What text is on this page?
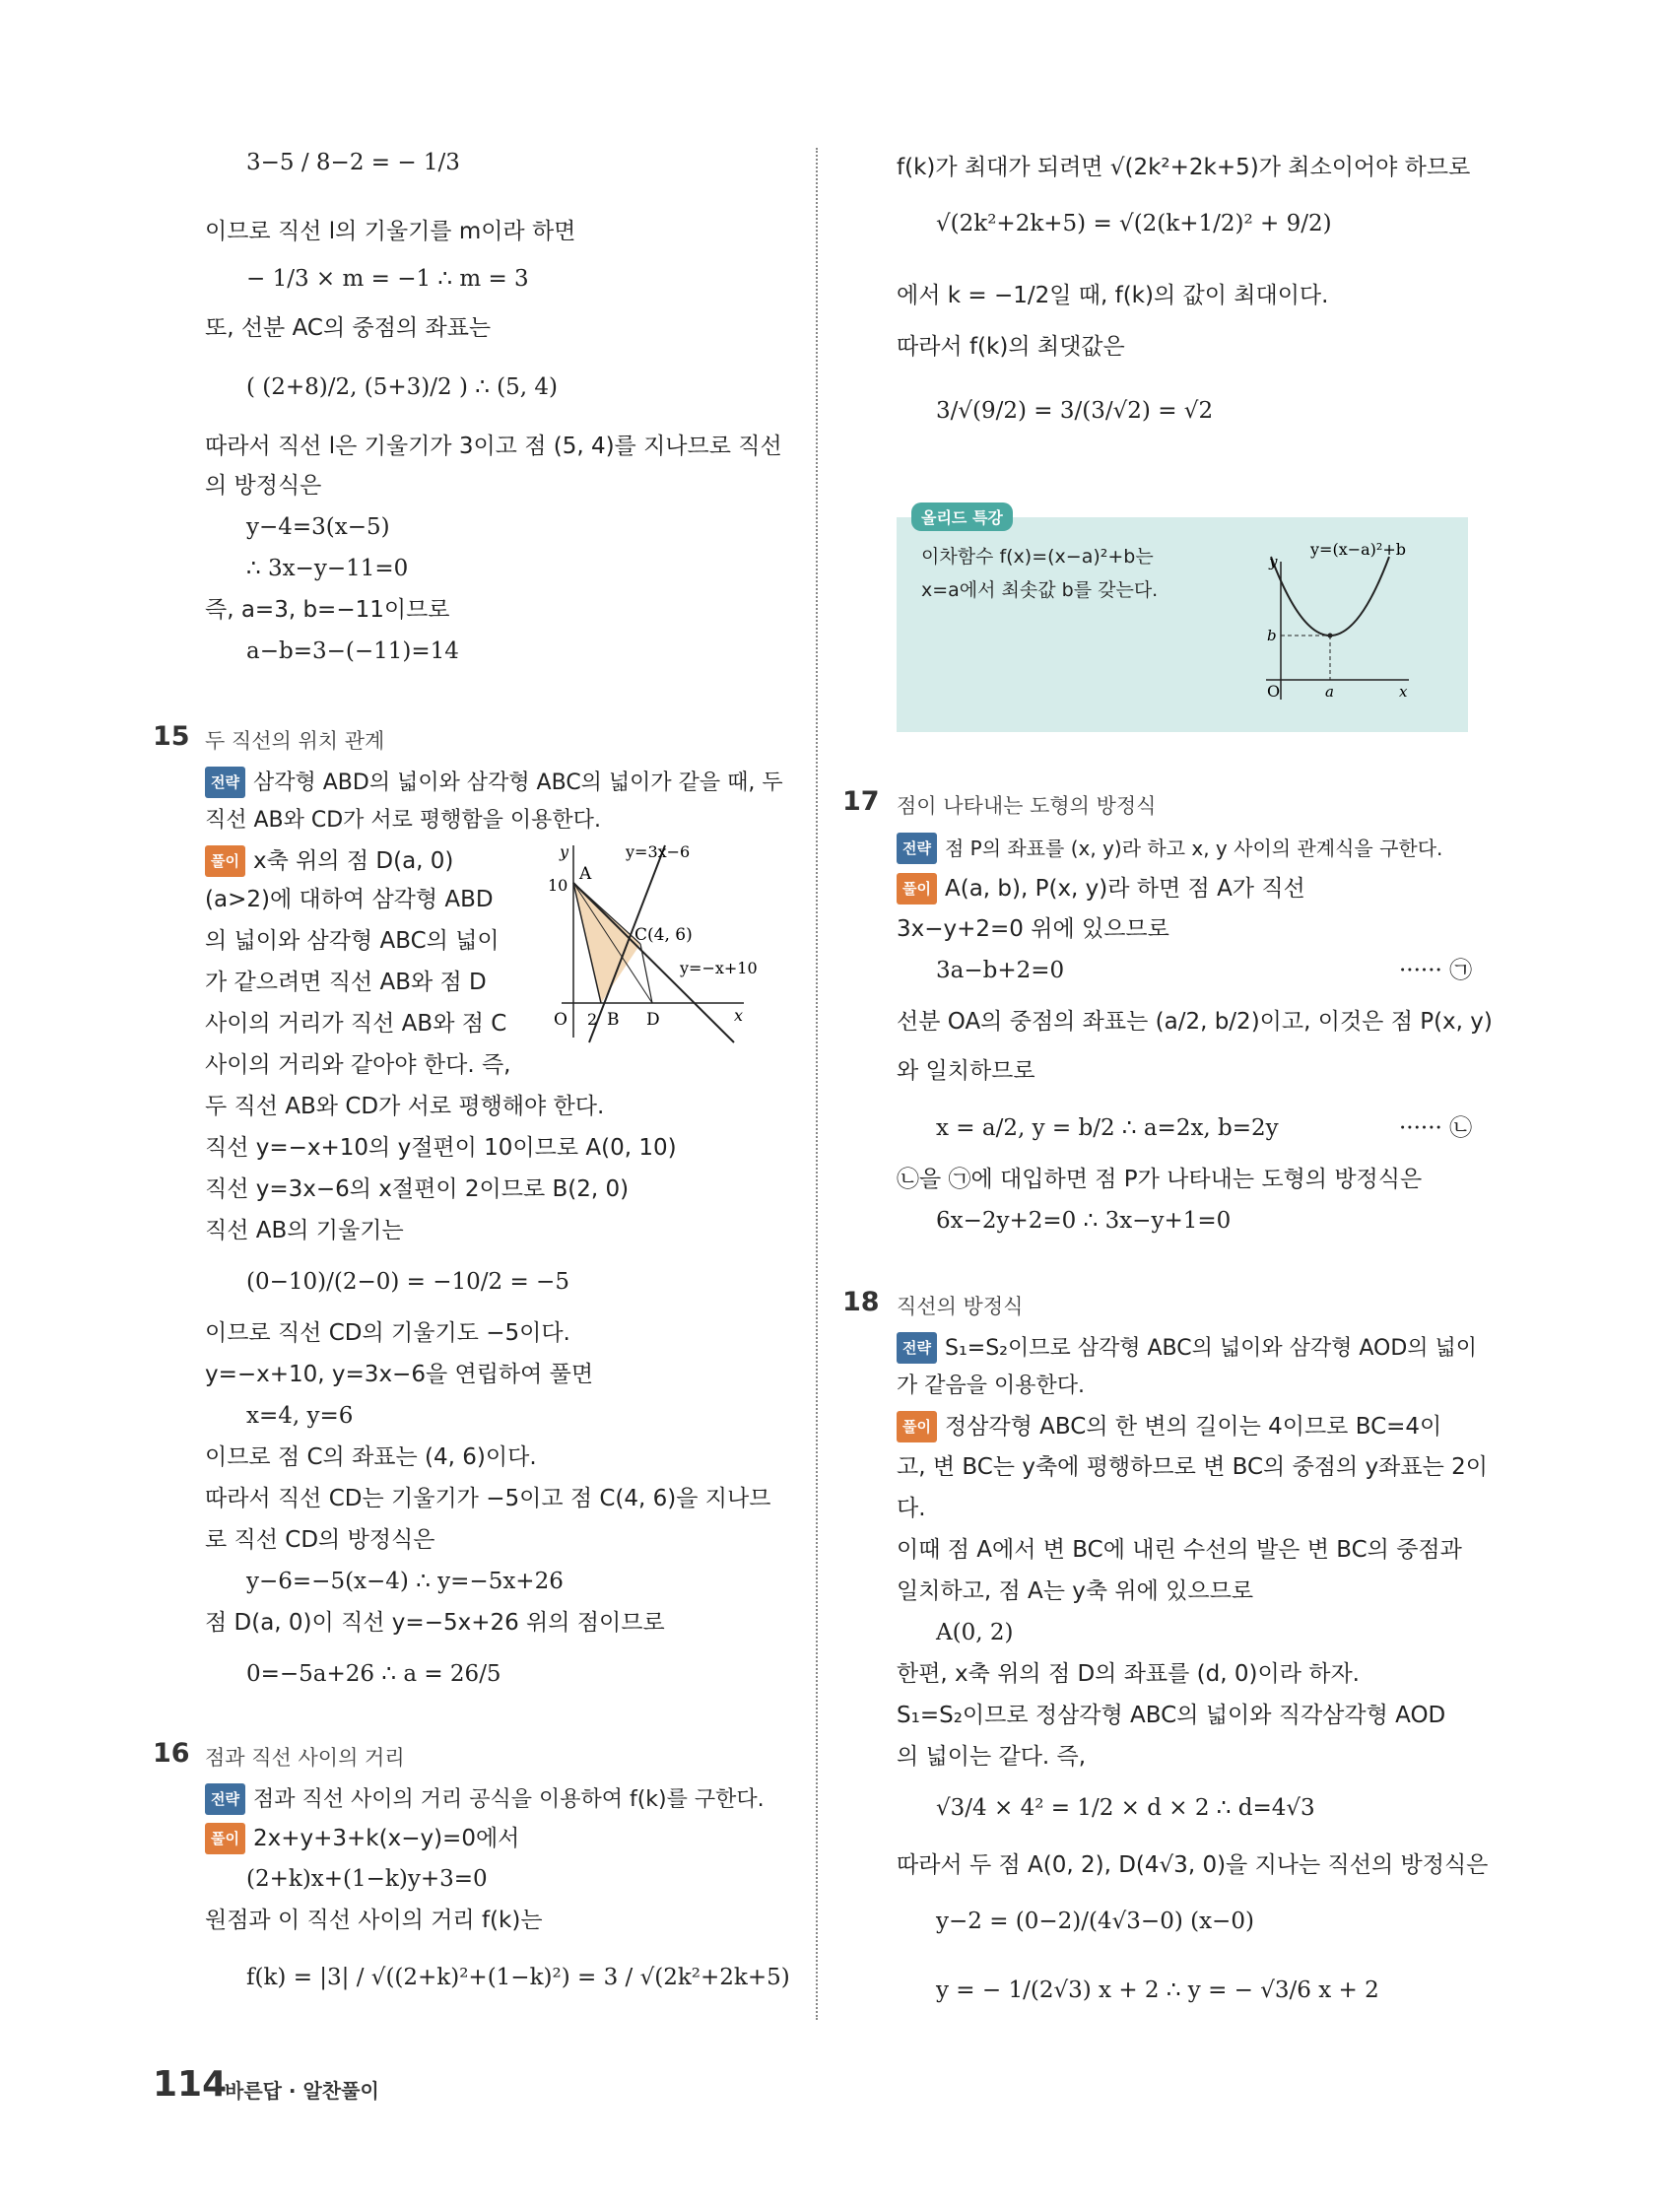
3−5 / 8−2 = − 1/3
이므로 직선 l의 기울기를 m이라 하면
− 1/3 × m = −1 ∴ m = 3
또, 선분 AC의 중점의 좌표는
( (2+8)/2, (5+3)/2 ) ∴ (5, 4)
따라서 직선 l은 기울기가 3이고 점 (5, 4)를 지나므로 직선
의 방정식은
y−4=3(x−5)
∴ 3x−y−11=0
즉, a=3, b=−11이므로
a−b=3−(−11)=14
15 두 직선의 위치 관계
전략 삼각형 ABD의 넓이와 삼각형 ABC의 넓이가 같을 때, 두
직선 AB와 CD가 서로 평행함을 이용한다.
풀이 x축 위의 점 D(a, 0)
(a>2)에 대하여 삼각형 ABD
의 넓이와 삼각형 ABC의 넓이
가 같으려면 직선 AB와 점 D
사이의 거리가 직선 AB와 점 C
사이의 거리와 같아야 한다. 즉,
두 직선 AB와 CD가 서로 평행해야 한다.
직선 y=−x+10의 y절편이 10이므로 A(0, 10)
직선 y=3x−6의 x절편이 2이므로 B(2, 0)
직선 AB의 기울기는
(0−10)/(2−0) = −10/2 = −5
이므로 직선 CD의 기울기도 −5이다.
y=−x+10, y=3x−6을 연립하여 풀면
x=4, y=6
이므로 점 C의 좌표는 (4, 6)이다.
따라서 직선 CD는 기울기가 −5이고 점 C(4, 6)을 지나므
로 직선 CD의 방정식은
y−6=−5(x−4) ∴ y=−5x+26
점 D(a, 0)이 직선 y=−5x+26 위의 점이므로
0=−5a+26 ∴ a = 26/5
16 점과 직선 사이의 거리
전략 점과 직선 사이의 거리 공식을 이용하여 f(k)를 구한다.
풀이 2x+y+3+k(x−y)=0에서
(2+k)x+(1−k)y+3=0
원점과 이 직선 사이의 거리 f(k)는
f(k) = |3| / √((2+k)²+(1−k)²) = 3 / √(2k²+2k+5)
y
x
y=3x−6
y=−x+10
A
10
C(4, 6)
O 2 B D
f(k)가 최대가 되려면 √(2k²+2k+5)가 최소이어야 하므로
√(2k²+2k+5) = √(2(k+1/2)² + 9/2)
에서 k = −1/2일 때, f(k)의 값이 최대이다.
따라서 f(k)의 최댓값은
3/√(9/2) = 3/(3/√2) = √2
올리드 특강
이차함수 f(x)=(x−a)²+b는
x=a에서 최솟값 b를 갖는다.
y=(x−a)²+b
y
x
O	a
b
17 점이 나타내는 도형의 방정식
전략 점 P의 좌표를 (x, y)라 하고 x, y 사이의 관계식을 구한다.
풀이 A(a, b), P(x, y)라 하면 점 A가 직선
3x−y+2=0 위에 있으므로
3a−b+2=0	······ ㉠
선분 OA의 중점의 좌표는 (a/2, b/2)이고, 이것은 점 P(x, y)
와 일치하므로
x = a/2, y = b/2 ∴ a=2x, b=2y	······ ㉡
㉡을 ㉠에 대입하면 점 P가 나타내는 도형의 방정식은
6x−2y+2=0 ∴ 3x−y+1=0
18 직선의 방정식
전략 S₁=S₂이므로 삼각형 ABC의 넓이와 삼각형 AOD의 넓이
가 같음을 이용한다.
풀이 정삼각형 ABC의 한 변의 길이는 4이므로 BC=4이
고, 변 BC는 y축에 평행하므로 변 BC의 중점의 y좌표는 2이
다.
이때 점 A에서 변 BC에 내린 수선의 발은 변 BC의 중점과
일치하고, 점 A는 y축 위에 있으므로
A(0, 2)
한편, x축 위의 점 D의 좌표를 (d, 0)이라 하자.
S₁=S₂이므로 정삼각형 ABC의 넓이와 직각삼각형 AOD
의 넓이는 같다. 즉,
√3/4 × 4² = 1/2 × d × 2 ∴ d=4√3
따라서 두 점 A(0, 2), D(4√3, 0)을 지나는 직선의 방정식은
y−2 = (0−2)/(4√3−0) (x−0)
y = − 1/(2√3) x + 2 ∴ y = − √3/6 x + 2
114
바른답 · 알찬풀이
